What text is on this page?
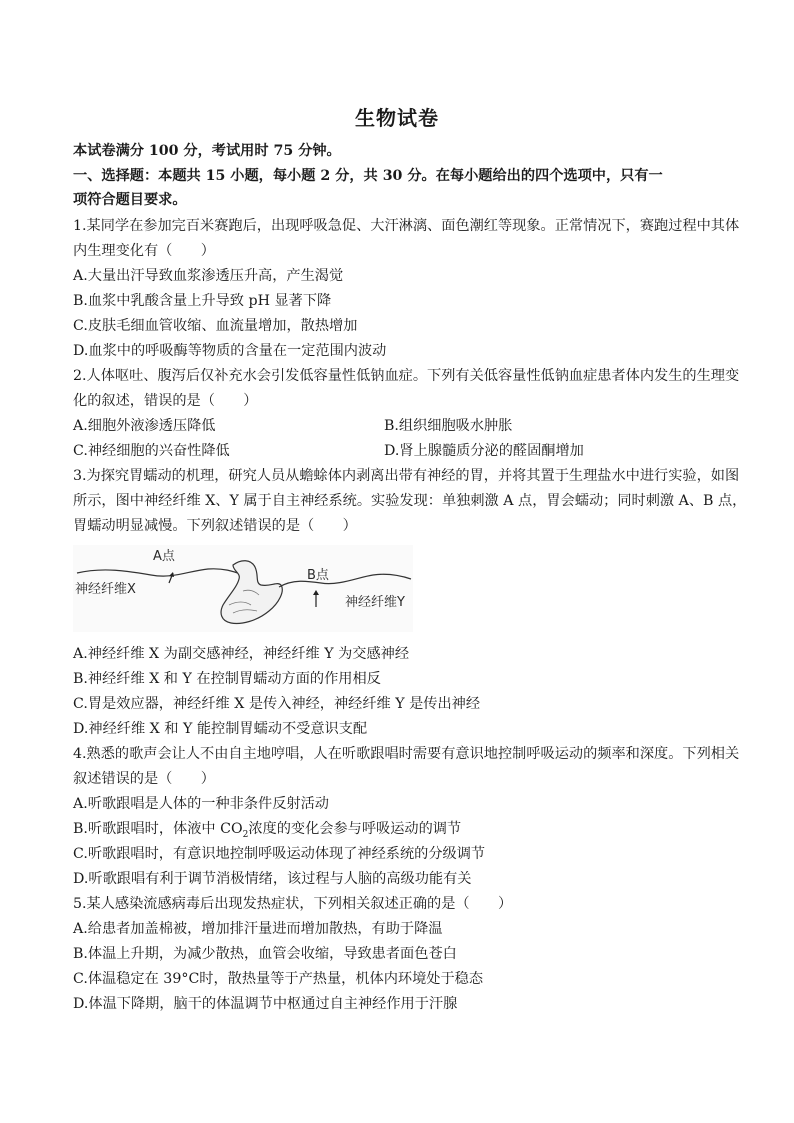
生物试卷
本试卷满分 100 分，考试用时 75 分钟。
一、选择题：本题共 15 小题，每小题 2 分，共 30 分。在每小题给出的四个选项中，只有一
项符合题目要求。
1.某同学在参加完百米赛跑后，出现呼吸急促、大汗淋漓、面色潮红等现象。正常情况下，赛跑过程中其体
内生理变化有（　　）
A.大量出汗导致血浆渗透压升高，产生渴觉
B.血浆中乳酸含量上升导致 pH 显著下降
C.皮肤毛细血管收缩、血流量增加，散热增加
D.血浆中的呼吸酶等物质的含量在一定范围内波动
2.人体呕吐、腹泻后仅补充水会引发低容量性低钠血症。下列有关低容量性低钠血症患者体内发生的生理变
化的叙述，错误的是（　　）
A.细胞外液渗透压降低	B.组织细胞吸水肿胀
C.神经细胞的兴奋性降低	D.肾上腺髓质分泌的醛固酮增加
3.为探究胃蠕动的机理，研究人员从蟾蜍体内剥离出带有神经的胃，并将其置于生理盐水中进行实验，如图
所示，图中神经纤维 X、Y 属于自主神经系统。实验发现：单独刺激 A 点，胃会蠕动；同时刺激 A、B 点，
胃蠕动明显减慢。下列叙述错误的是（　　）
A点
B点
神经纤维X
神经纤维Y
A.神经纤维 X 为副交感神经，神经纤维 Y 为交感神经
B.神经纤维 X 和 Y 在控制胃蠕动方面的作用相反
C.胃是效应器，神经纤维 X 是传入神经，神经纤维 Y 是传出神经
D.神经纤维 X 和 Y 能控制胃蠕动不受意识支配
4.熟悉的歌声会让人不由自主地哼唱，人在听歌跟唱时需要有意识地控制呼吸运动的频率和深度。下列相关
叙述错误的是（　　）
A.听歌跟唱是人体的一种非条件反射活动
B.听歌跟唱时，体液中 $CO_2$浓度的变化会参与呼吸运动的调节
C.听歌跟唱时，有意识地控制呼吸运动体现了神经系统的分级调节
D.听歌跟唱有利于调节消极情绪，该过程与人脑的高级功能有关
5.某人感染流感病毒后出现发热症状，下列相关叙述正确的是（　　）
A.给患者加盖棉被，增加排汗量进而增加散热，有助于降温
B.体温上升期，为减少散热，血管会收缩，导致患者面色苍白
C.体温稳定在 39°C时，散热量等于产热量，机体内环境处于稳态
D.体温下降期，脑干的体温调节中枢通过自主神经作用于汗腺
